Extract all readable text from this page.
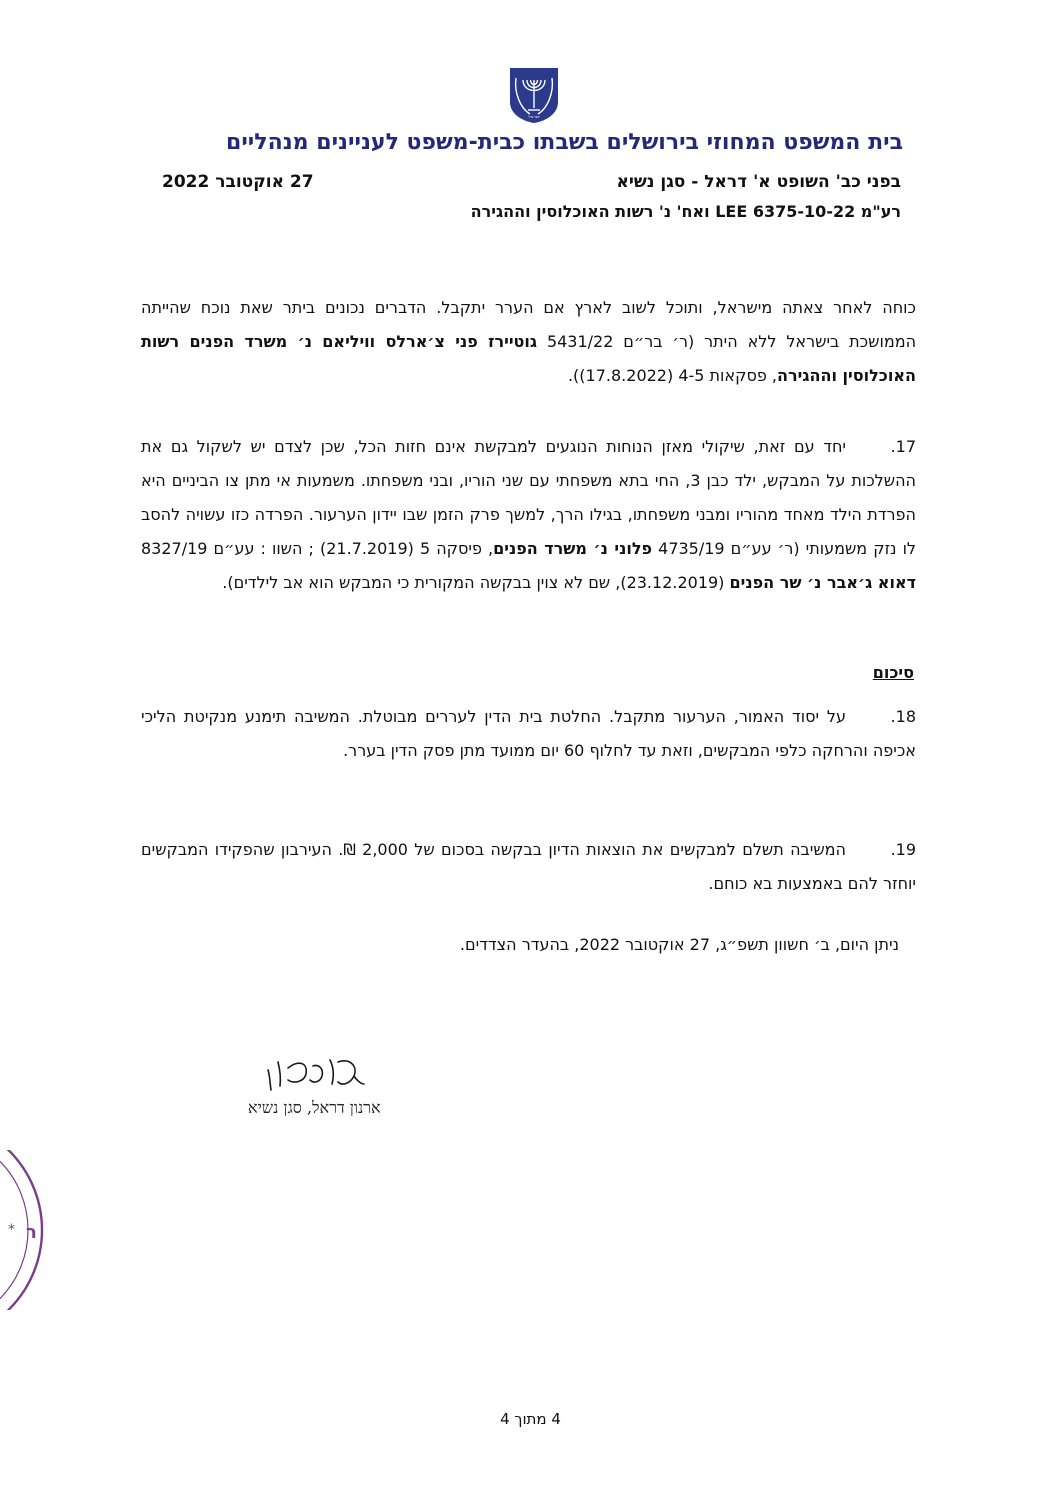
ישראל
בית המשפט המחוזי בירושלים בשבתו כבית-משפט לעניינים מנהליים
בפני כב' השופט א' דראל - סגן נשיא
27 אוקטובר 2022
רע"מ 6375-10-22 LEE ואח' נ' רשות האוכלוסין וההגירה
כוחה לאחר צאתה מישראל, ותוכל לשוב לארץ אם הערר יתקבל. הדברים נכונים ביתר שאת נוכח שהייתה הממושכת בישראל ללא היתר (ר׳ בר״ם 5431/22 גוטיירז פני צ׳ארלס וויליאם נ׳ משרד הפנים רשות האוכלוסין וההגירה, פסקאות 4-5 (17.8.2022)).
17.יחד עם זאת, שיקולי מאזן הנוחות הנוגעים למבקשת אינם חזות הכל, שכן לצדם יש לשקול גם את ההשלכות על המבקש, ילד כבן 3, החי בתא משפחתי עם שני הוריו, ובני משפחתו. משמעות אי מתן צו הביניים היא הפרדת הילד מאחד מהוריו ומבני משפחתו, בגילו הרך, למשך פרק הזמן שבו יידון הערעור. הפרדה כזו עשויה להסב לו נזק משמעותי (ר׳ עע״ם 4735/19 פלוני נ׳ משרד הפנים, פיסקה 5 (21.7.2019) ; השוו : עע״ם 8327/19 דאוא ג׳אבר נ׳ שר הפנים (23.12.2019), שם לא צוין בבקשה המקורית כי המבקש הוא אב לילדים).
סיכום
18.על יסוד האמור, הערעור מתקבל. החלטת בית הדין לעררים מבוטלת. המשיבה תימנע מנקיטת הליכי אכיפה והרחקה כלפי המבקשים, וזאת עד לחלוף 60 יום ממועד מתן פסק הדין בערר.
19.המשיבה תשלם למבקשים את הוצאות הדיון בבקשה בסכום של 2,000 ₪. העירבון שהפקידו המבקשים יוחזר להם באמצעות בא כוחם.
ניתן היום, ב׳ חשוון תשפ״ג, 27 אוקטובר 2022, בהעדר הצדדים.
ארנון דראל, סגן נשיא
* ר
4 מתוך 4
